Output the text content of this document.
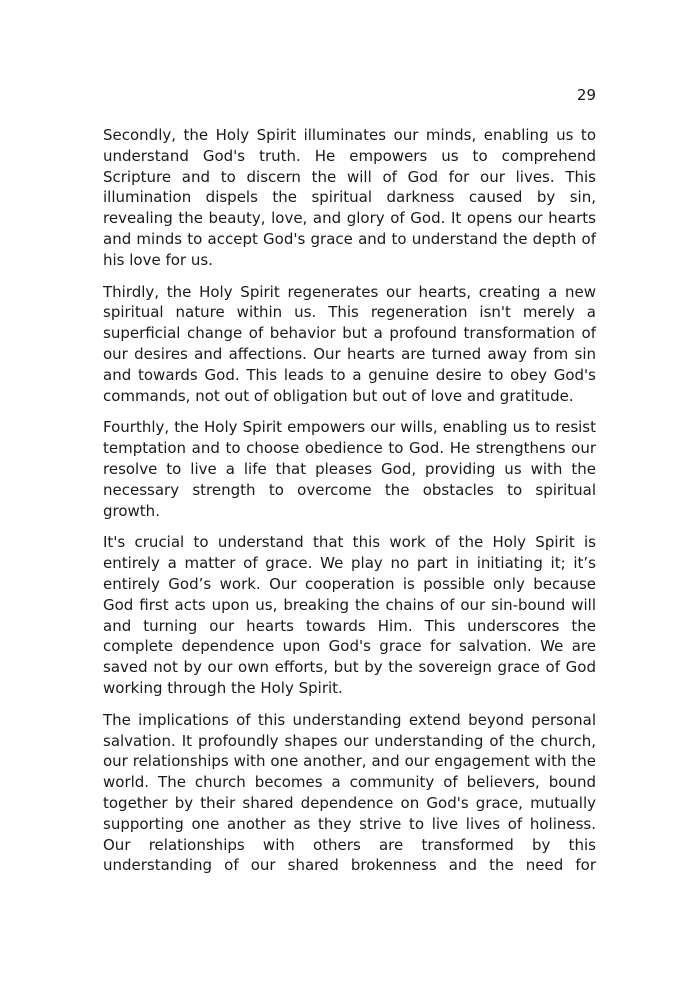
29

Secondly, the Holy Spirit illuminates our minds, enabling us to understand God's truth. He empowers us to comprehend Scripture and to discern the will of God for our lives. This illumination dispels the spiritual darkness caused by sin, revealing the beauty, love, and glory of God. It opens our hearts and minds to accept God's grace and to understand the depth of his love for us.

Thirdly, the Holy Spirit regenerates our hearts, creating a new spiritual nature within us. This regeneration isn't merely a superficial change of behavior but a profound transformation of our desires and affections. Our hearts are turned away from sin and towards God. This leads to a genuine desire to obey God's commands, not out of obligation but out of love and gratitude.

Fourthly, the Holy Spirit empowers our wills, enabling us to resist temptation and to choose obedience to God. He strengthens our resolve to live a life that pleases God, providing us with the necessary strength to overcome the obstacles to spiritual growth.

It's crucial to understand that this work of the Holy Spirit is entirely a matter of grace. We play no part in initiating it; it’s entirely God’s work. Our cooperation is possible only because God first acts upon us, breaking the chains of our sin-bound will and turning our hearts towards Him. This underscores the complete dependence upon God's grace for salvation. We are saved not by our own efforts, but by the sovereign grace of God working through the Holy Spirit.

The implications of this understanding extend beyond personal salvation. It profoundly shapes our understanding of the church, our relationships with one another, and our engagement with the world. The church becomes a community of believers, bound together by their shared dependence on God's grace, mutually supporting one another as they strive to live lives of holiness. Our relationships with others are transformed by this understanding of our shared brokenness and the need for
